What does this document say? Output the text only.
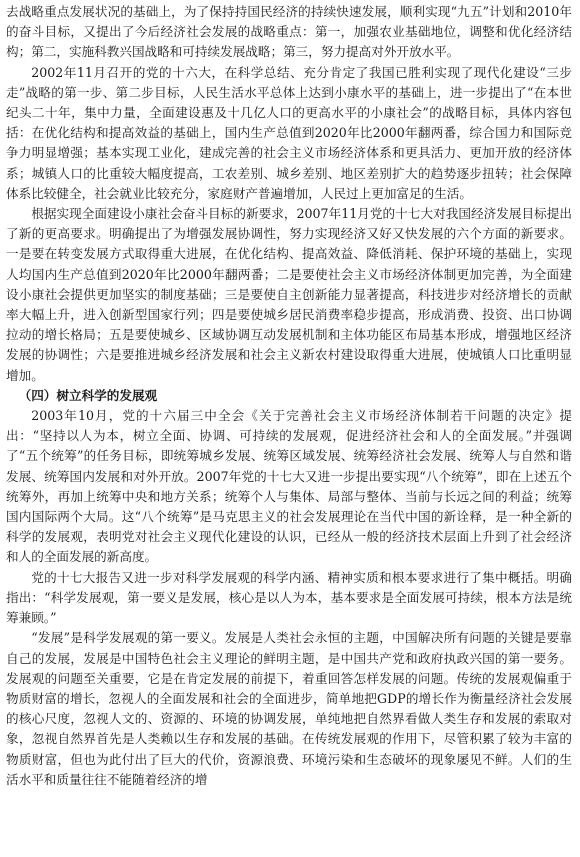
去战略重点发展状况的基础上，为了保持持国民经济的持续快速发展，顺利实现“九五”计划和2010年的奋斗目标，又提出了今后经济社会发展的战略重点：第一，加强农业基础地位，调整和优化经济结构；第二，实施科教兴国战略和可持续发展战略；第三，努力提高对外开放水平。

2002年11月召开的党的十六大，在科学总结、充分肯定了我国已胜利实现了现代化建设“三步走”战略的第一步、第二步目标，人民生活水平总体上达到小康水平的基础上，进一步提出了“在本世纪头二十年，集中力量，全面建设惠及十几亿人口的更高水平的小康社会”的战略目标，具体内容包括：在优化结构和提高效益的基础上，国内生产总值到2020年比2000年翻两番，综合国力和国际竞争力明显增强；基本实现工业化，建成完善的社会主义市场经济体系和更具活力、更加开放的经济体系；城镇人口的比重较大幅度提高，工农差别、城乡差别、地区差别扩大的趋势逐步扭转；社会保障体系比较健全，社会就业比较充分，家庭财产普遍增加，人民过上更加富足的生活。

根据实现全面建设小康社会奋斗目标的新要求，2007年11月党的十七大对我国经济发展目标提出了新的更高要求。明确提出了为增强发展协调性，努力实现经济又好又快发展的六个方面的新要求。一是要在转变发展方式取得重大进展，在优化结构、提高效益、降低消耗、保护环境的基础上，实现人均国内生产总值到2020年比2000年翻两番；二是要使社会主义市场经济体制更加完善，为全面建设小康社会提供更加坚实的制度基础；三是要使自主创新能力显著提高，科技进步对经济增长的贡献率大幅上升，进入创新型国家行列；四是要使城乡居民消费率稳步提高，形成消费、投资、出口协调拉动的增长格局；五是要使城乡、区域协调互动发展机制和主体功能区布局基本形成，增强地区经济发展的协调性；六是要推进城乡经济发展和社会主义新农村建设取得重大进展，使城镇人口比重明显增加。

（四）树立科学的发展观

2003年10月，党的十六届三中全会《关于完善社会主义市场经济体制若干问题的决定》提出：“坚持以人为本，树立全面、协调、可持续的发展观，促进经济社会和人的全面发展。”并强调了“五个统筹”的任务目标，即统筹城乡发展、统筹区域发展、统筹经济社会发展、统筹人与自然和谐发展、统筹国内发展和对外开放。2007年党的十七大又进一步提出要实现“八个统筹”，即在上述五个统筹外，再加上统筹中央和地方关系；统筹个人与集体、局部与整体、当前与长远之间的利益；统筹国内国际两个大局。这“八个统筹”是马克思主义的社会发展理论在当代中国的新诠释，是一种全新的科学的发展观，表明党对社会主义现代化建设的认识，已经从一般的经济技术层面上升到了社会经济和人的全面发展的新高度。

党的十七大报告又进一步对科学发展观的科学内涵、精神实质和根本要求进行了集中概括。明确指出：“科学发展观，第一要义是发展，核心是以人为本，基本要求是全面发展可持续，根本方法是统筹兼顾。”

“发展”是科学发展观的第一要义。发展是人类社会永恒的主题，中国解决所有问题的关键是要靠自己的发展，发展是中国特色社会主义理论的鲜明主题，是中国共产党和政府执政兴国的第一要务。发展观的问题至关重要，它是在肯定发展的前提下，着重回答怎样发展的问题。传统的发展观偏重于物质财富的增长，忽视人的全面发展和社会的全面进步，简单地把GDP的增长作为衡量经济社会发展的核心尺度，忽视人文的、资源的、环境的协调发展，单纯地把自然界看做人类生存和发展的索取对象，忽视自然界首先是人类赖以生存和发展的基础。在传统发展观的作用下，尽管积累了较为丰富的物质财富，但也为此付出了巨大的代价，资源浪费、环境污染和生态破坏的现象屡见不鲜。人们的生活水平和质量往往不能随着经济的增
